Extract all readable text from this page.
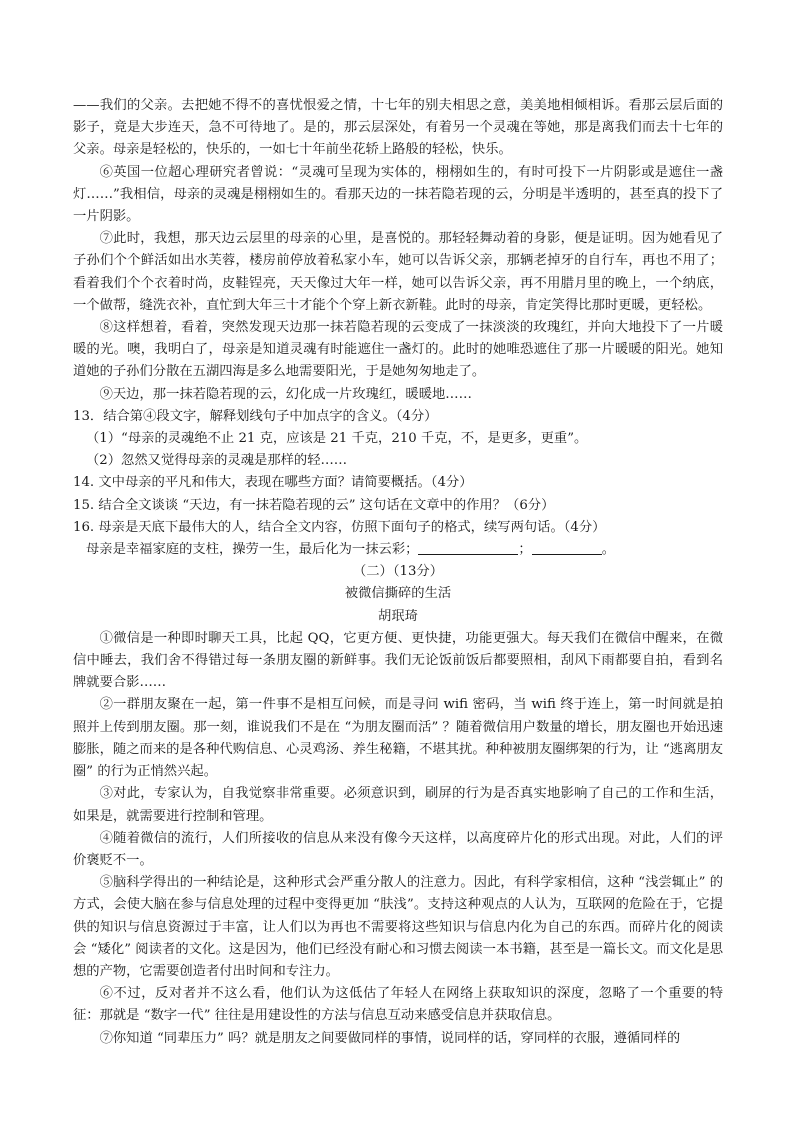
——我们的父亲。去把她不得不的喜忧恨爱之情，十七年的别夫相思之意，美美地相倾相诉。看那云层后面的影子，竟是大步连天，急不可待地了。是的，那云层深处，有着另一个灵魂在等她，那是离我们而去十七年的父亲。母亲是轻松的，快乐的，一如七十年前坐花轿上路般的轻松，快乐。

⑥英国一位超心理研究者曾说：“灵魂可呈现为实体的，栩栩如生的，有时可投下一片阴影或是遮住一盏灯……”我相信，母亲的灵魂是栩栩如生的。看那天边的一抹若隐若现的云，分明是半透明的，甚至真的投下了一片阴影。

⑦此时，我想，那天边云层里的母亲的心里，是喜悦的。那轻轻舞动着的身影，便是证明。因为她看见了子孙们个个鲜活如出水芙蓉，楼房前停放着私家小车，她可以告诉父亲，那辆老掉牙的自行车，再也不用了；看着我们个个衣着时尚，皮鞋锃亮，天天像过大年一样，她可以告诉父亲，再不用腊月里的晚上，一个纳底，一个做帮，缝洗衣补，直忙到大年三十才能个个穿上新衣新鞋。此时的母亲，肯定笑得比那时更暖，更轻松。

⑧这样想着，看着，突然发现天边那一抹若隐若现的云变成了一抹淡淡的玫瑰红，并向大地投下了一片暖暖的光。噢，我明白了，母亲是知道灵魂有时能遮住一盏灯的。此时的她唯恐遮住了那一片暖暖的阳光。她知道她的子孙们分散在五湖四海是多么地需要阳光，于是她匆匆地走了。

⑨天边，那一抹若隐若现的云，幻化成一片玫瑰红，暖暖地……

13．结合第④段文字，解释划线句子中加点字的含义。（4分）

（1）“母亲的灵魂绝不止 21 克，应该是 21 千克，210 千克，不，是更多，更重”。

（2）忽然又觉得母亲的灵魂是那样的轻……

14. 文中母亲的平凡和伟大，表现在哪些方面？请简要概括。（4分）

15. 结合全文谈谈 “天边，有一抹若隐若现的云” 这句话在文章中的作用？（6分）

16. 母亲是天底下最伟大的人，结合全文内容，仿照下面句子的格式，续写两句话。（4分）

母亲是幸福家庭的支柱，操劳一生，最后化为一抹云彩；	；	。

（二）（13分）

被微信撕碎的生活

胡珉琦

①微信是一种即时聊天工具，比起 QQ，它更方便、更快捷，功能更强大。每天我们在微信中醒来，在微信中睡去，我们舍不得错过每一条朋友圈的新鲜事。我们无论饭前饭后都要照相，刮风下雨都要自拍，看到名牌就要合影……

②一群朋友聚在一起，第一件事不是相互问候，而是寻问 wifi 密码，当 wifi 终于连上，第一时间就是拍照并上传到朋友圈。那一刻，谁说我们不是在 “为朋友圈而活” ？随着微信用户数量的增长，朋友圈也开始迅速膨胀，随之而来的是各种代购信息、心灵鸡汤、养生秘籍，不堪其扰。种种被朋友圈绑架的行为，让 “逃离朋友圈” 的行为正悄然兴起。

③对此，专家认为，自我觉察非常重要。必须意识到，刷屏的行为是否真实地影响了自己的工作和生活，如果是，就需要进行控制和管理。

④随着微信的流行，人们所接收的信息从来没有像今天这样，以高度碎片化的形式出现。对此，人们的评价褒贬不一。

⑤脑科学得出的一种结论是，这种形式会严重分散人的注意力。因此，有科学家相信，这种 “浅尝辄止” 的方式，会使大脑在参与信息处理的过程中变得更加 “肤浅”。支持这种观点的人认为，互联网的危险在于，它提供的知识与信息资源过于丰富，让人们以为再也不需要将这些知识与信息内化为自己的东西。而碎片化的阅读会 “矮化” 阅读者的文化。这是因为，他们已经没有耐心和习惯去阅读一本书籍，甚至是一篇长文。而文化是思想的产物，它需要创造者付出时间和专注力。

⑥不过，反对者并不这么看，他们认为这低估了年轻人在网络上获取知识的深度，忽略了一个重要的特征：那就是 “数字一代” 往往是用建设性的方法与信息互动来感受信息并获取信息。

⑦你知道 “同辈压力” 吗？就是朋友之间要做同样的事情，说同样的话，穿同样的衣服，遵循同样的
